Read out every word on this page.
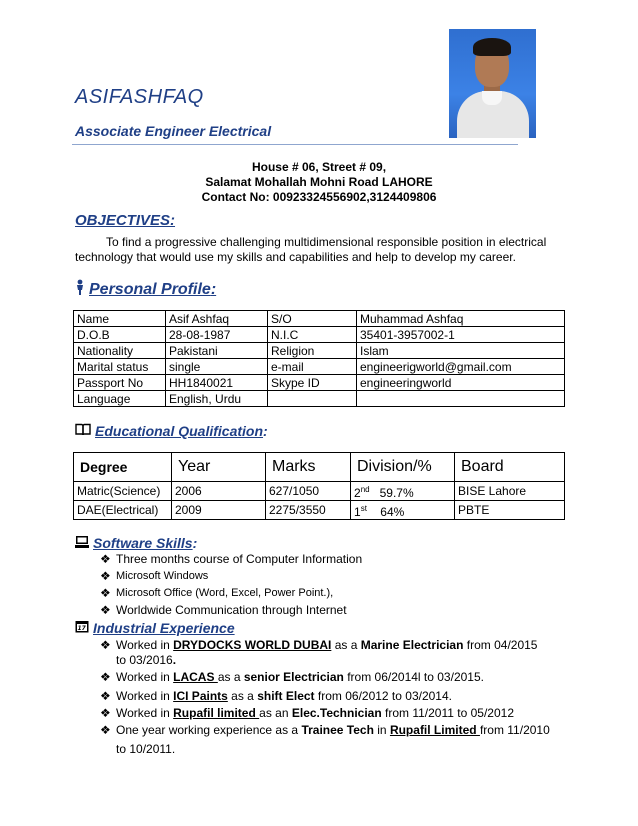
ASIFASHFAQ
Associate Engineer Electrical
House # 06, Street # 09,
Salamat Mohallah Mohni Road LAHORE
Contact No: 00923324556902,3124409806
OBJECTIVES:
To find a progressive challenging multidimensional responsible position in electrical technology that would use my skills and capabilities and help to develop my career.
Personal Profile :
Name	Asif Ashfaq	S/O	Muhammad Ashfaq
D.O.B	28-08-1987	N.I.C	35401-3957002-1
Nationality	Pakistani	Religion	Islam
Marital status	single	e-mail	engineerigworld@gmail.com
Passport No	HH1840021	Skype ID	engineeringworld
Language	English, Urdu		
Educational Qualification :
Degree	Year	Marks	Division/%	Board
Matric(Science)	2006	627/1050	2nd 59.7%	BISE Lahore
DAE(Electrical)	2009	2275/3550	1st 64%	PBTE
Software Skills :
❖ Three months course of Computer Information
❖ Microsoft Windows
❖ Microsoft Office (Word, Excel, Power Point.),
❖ Worldwide Communication through Internet
17 Industrial Experience
❖ Worked in DRYDOCKS WORLD DUBAI as a Marine Electrician from 04/2015 to 03/2016.
❖ Worked in LACAS as a senior Electrician from 06/2014l to 03/2015.
❖ Worked in ICI Paints as a shift Elect from 06/2012 to 03/2014.
❖ Worked in Rupafil limited as an Elec.Technician from 11/2011 to 05/2012
❖ One year working experience as a Trainee Tech in Rupafil Limited from 11/2010 to 10/2011.
